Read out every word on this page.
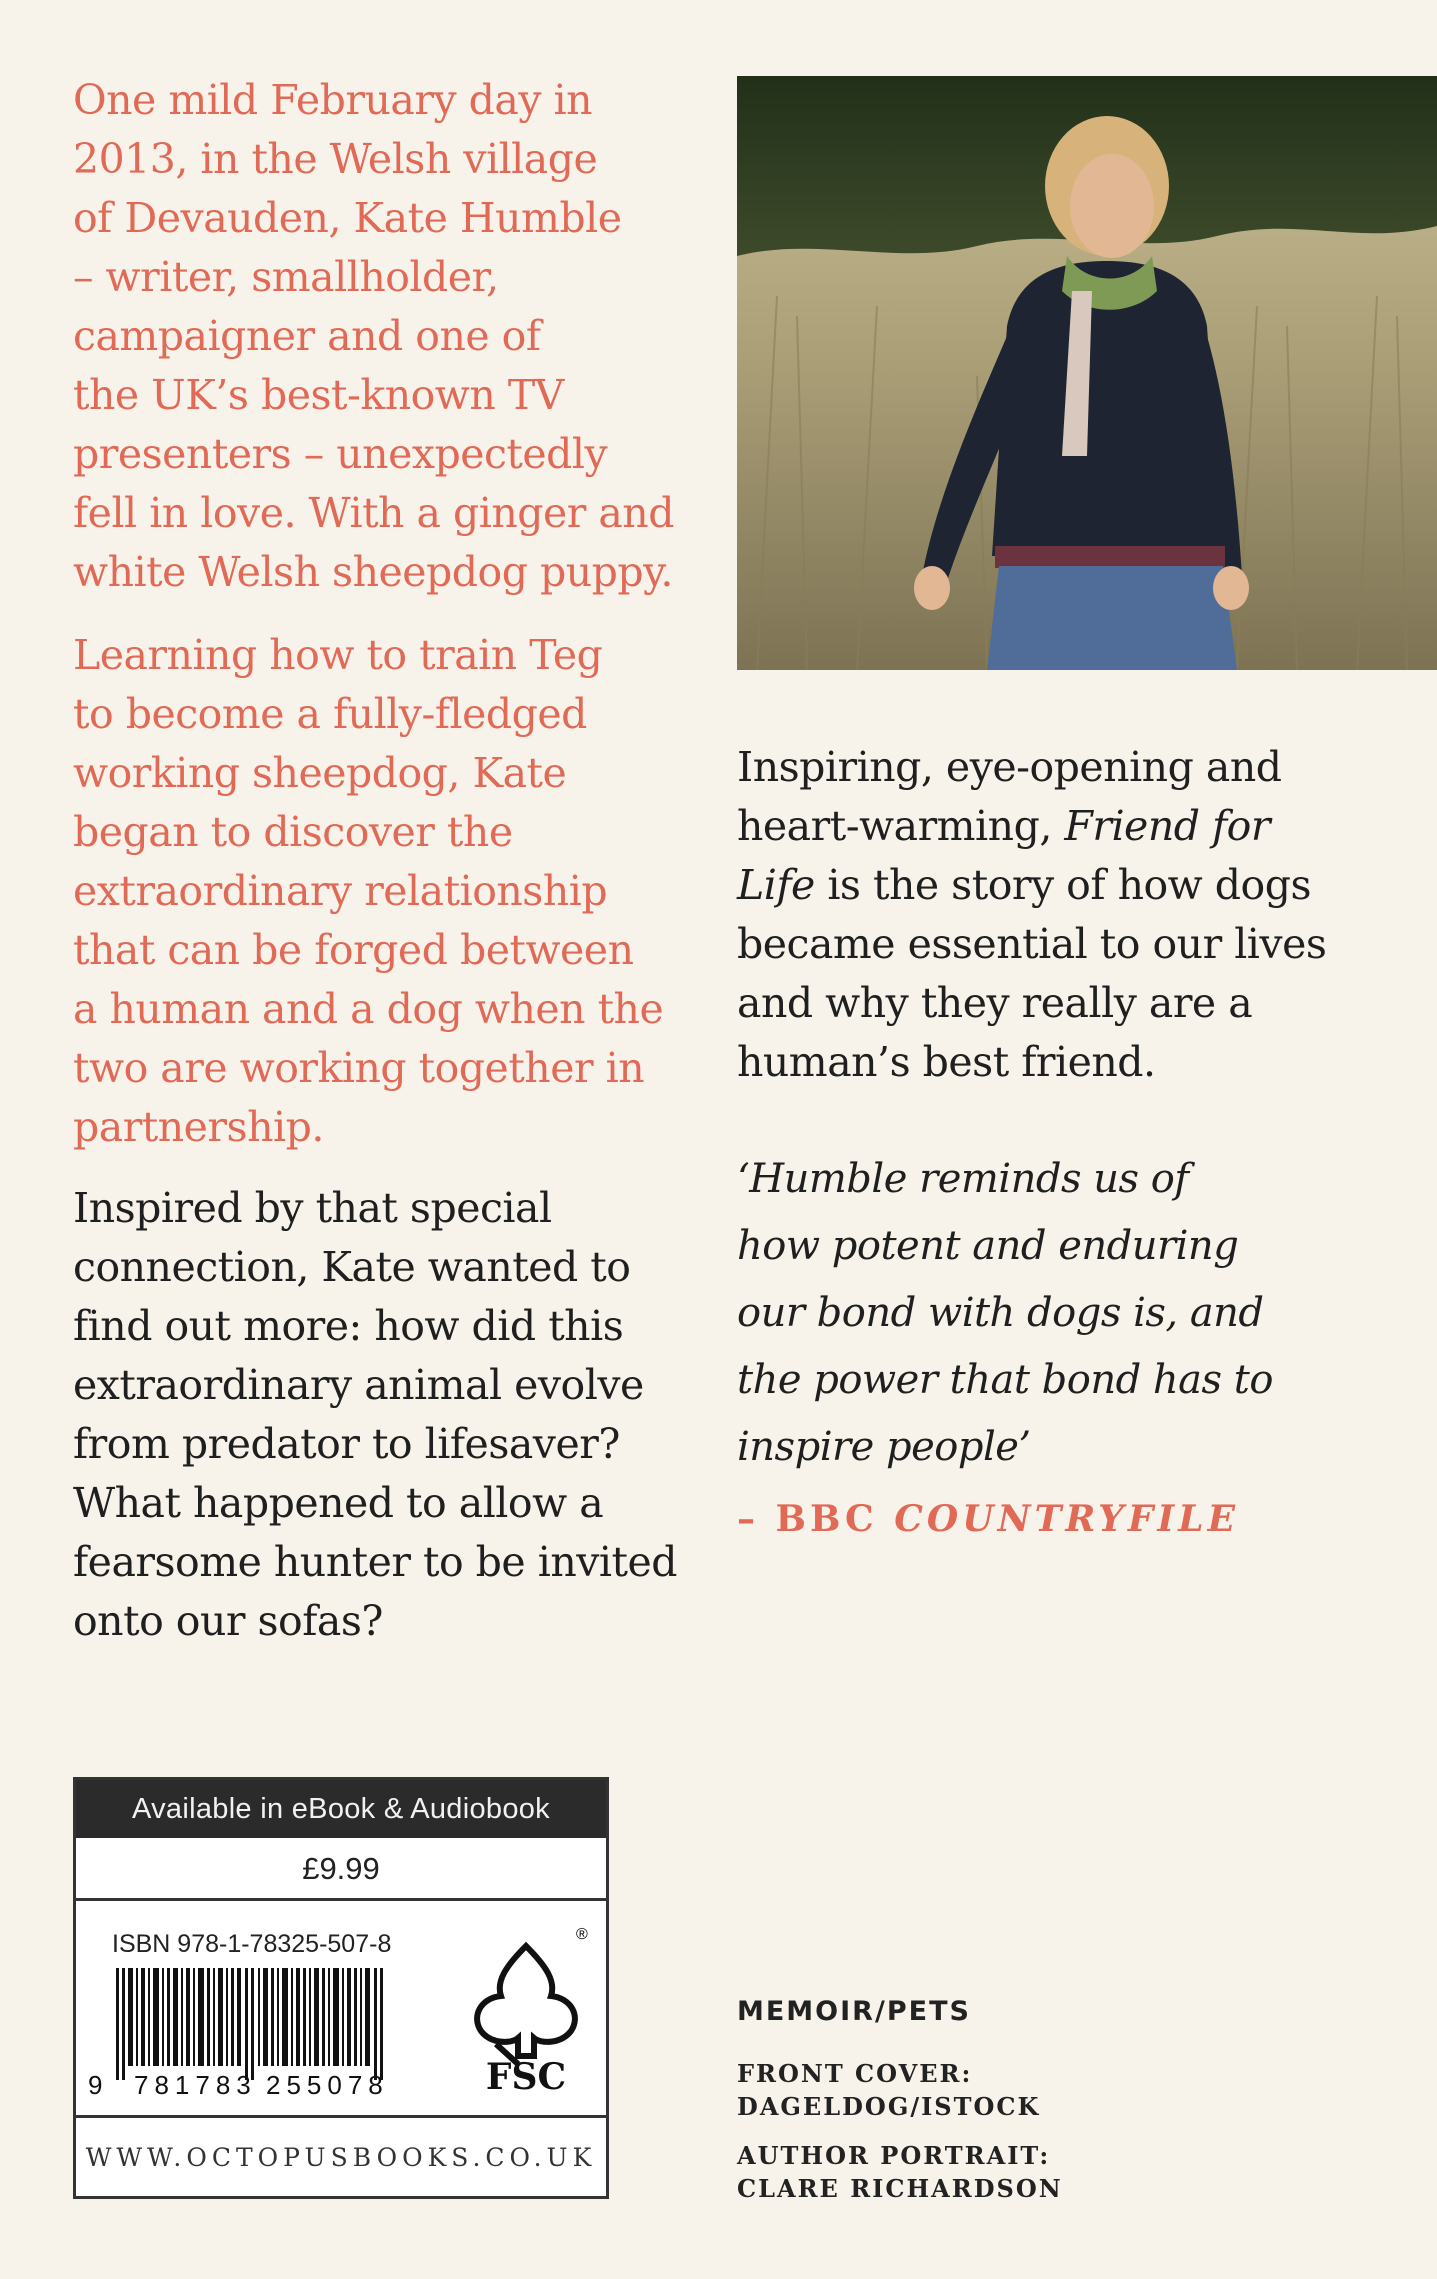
One mild February day in
2013, in the Welsh village
of Devauden, Kate Humble
– writer, smallholder,
campaigner and one of
the UK’s best-known TV
presenters – unexpectedly
fell in love. With a ginger and
white Welsh sheepdog puppy.

Learning how to train Teg
to become a fully-fledged
working sheepdog, Kate
began to discover the
extraordinary relationship
that can be forged between
a human and a dog when the
two are working together in
partnership.

Inspired by that special
connection, Kate wanted to
find out more: how did this
extraordinary animal evolve
from predator to lifesaver?
What happened to allow a
fearsome hunter to be invited
onto our sofas?

Inspiring, eye-opening and
heart-warming, Friend for
Life is the story of how dogs
became essential to our lives
and why they really are a
human’s best friend.

‘Humble reminds us of
how potent and enduring
our bond with dogs is, and
the power that bond has to
inspire people’

– BBC COUNTRYFILE
Available in eBook & Audiobook
£9.99
ISBN 978-1-78325-507-8
9 781783 255078
®
FSC
WWW.OCTOPUSBOOKS.CO.UK
MEMOIR/PETS
FRONT COVER:
DAGELDOG/ISTOCK
AUTHOR PORTRAIT:
CLARE RICHARDSON
